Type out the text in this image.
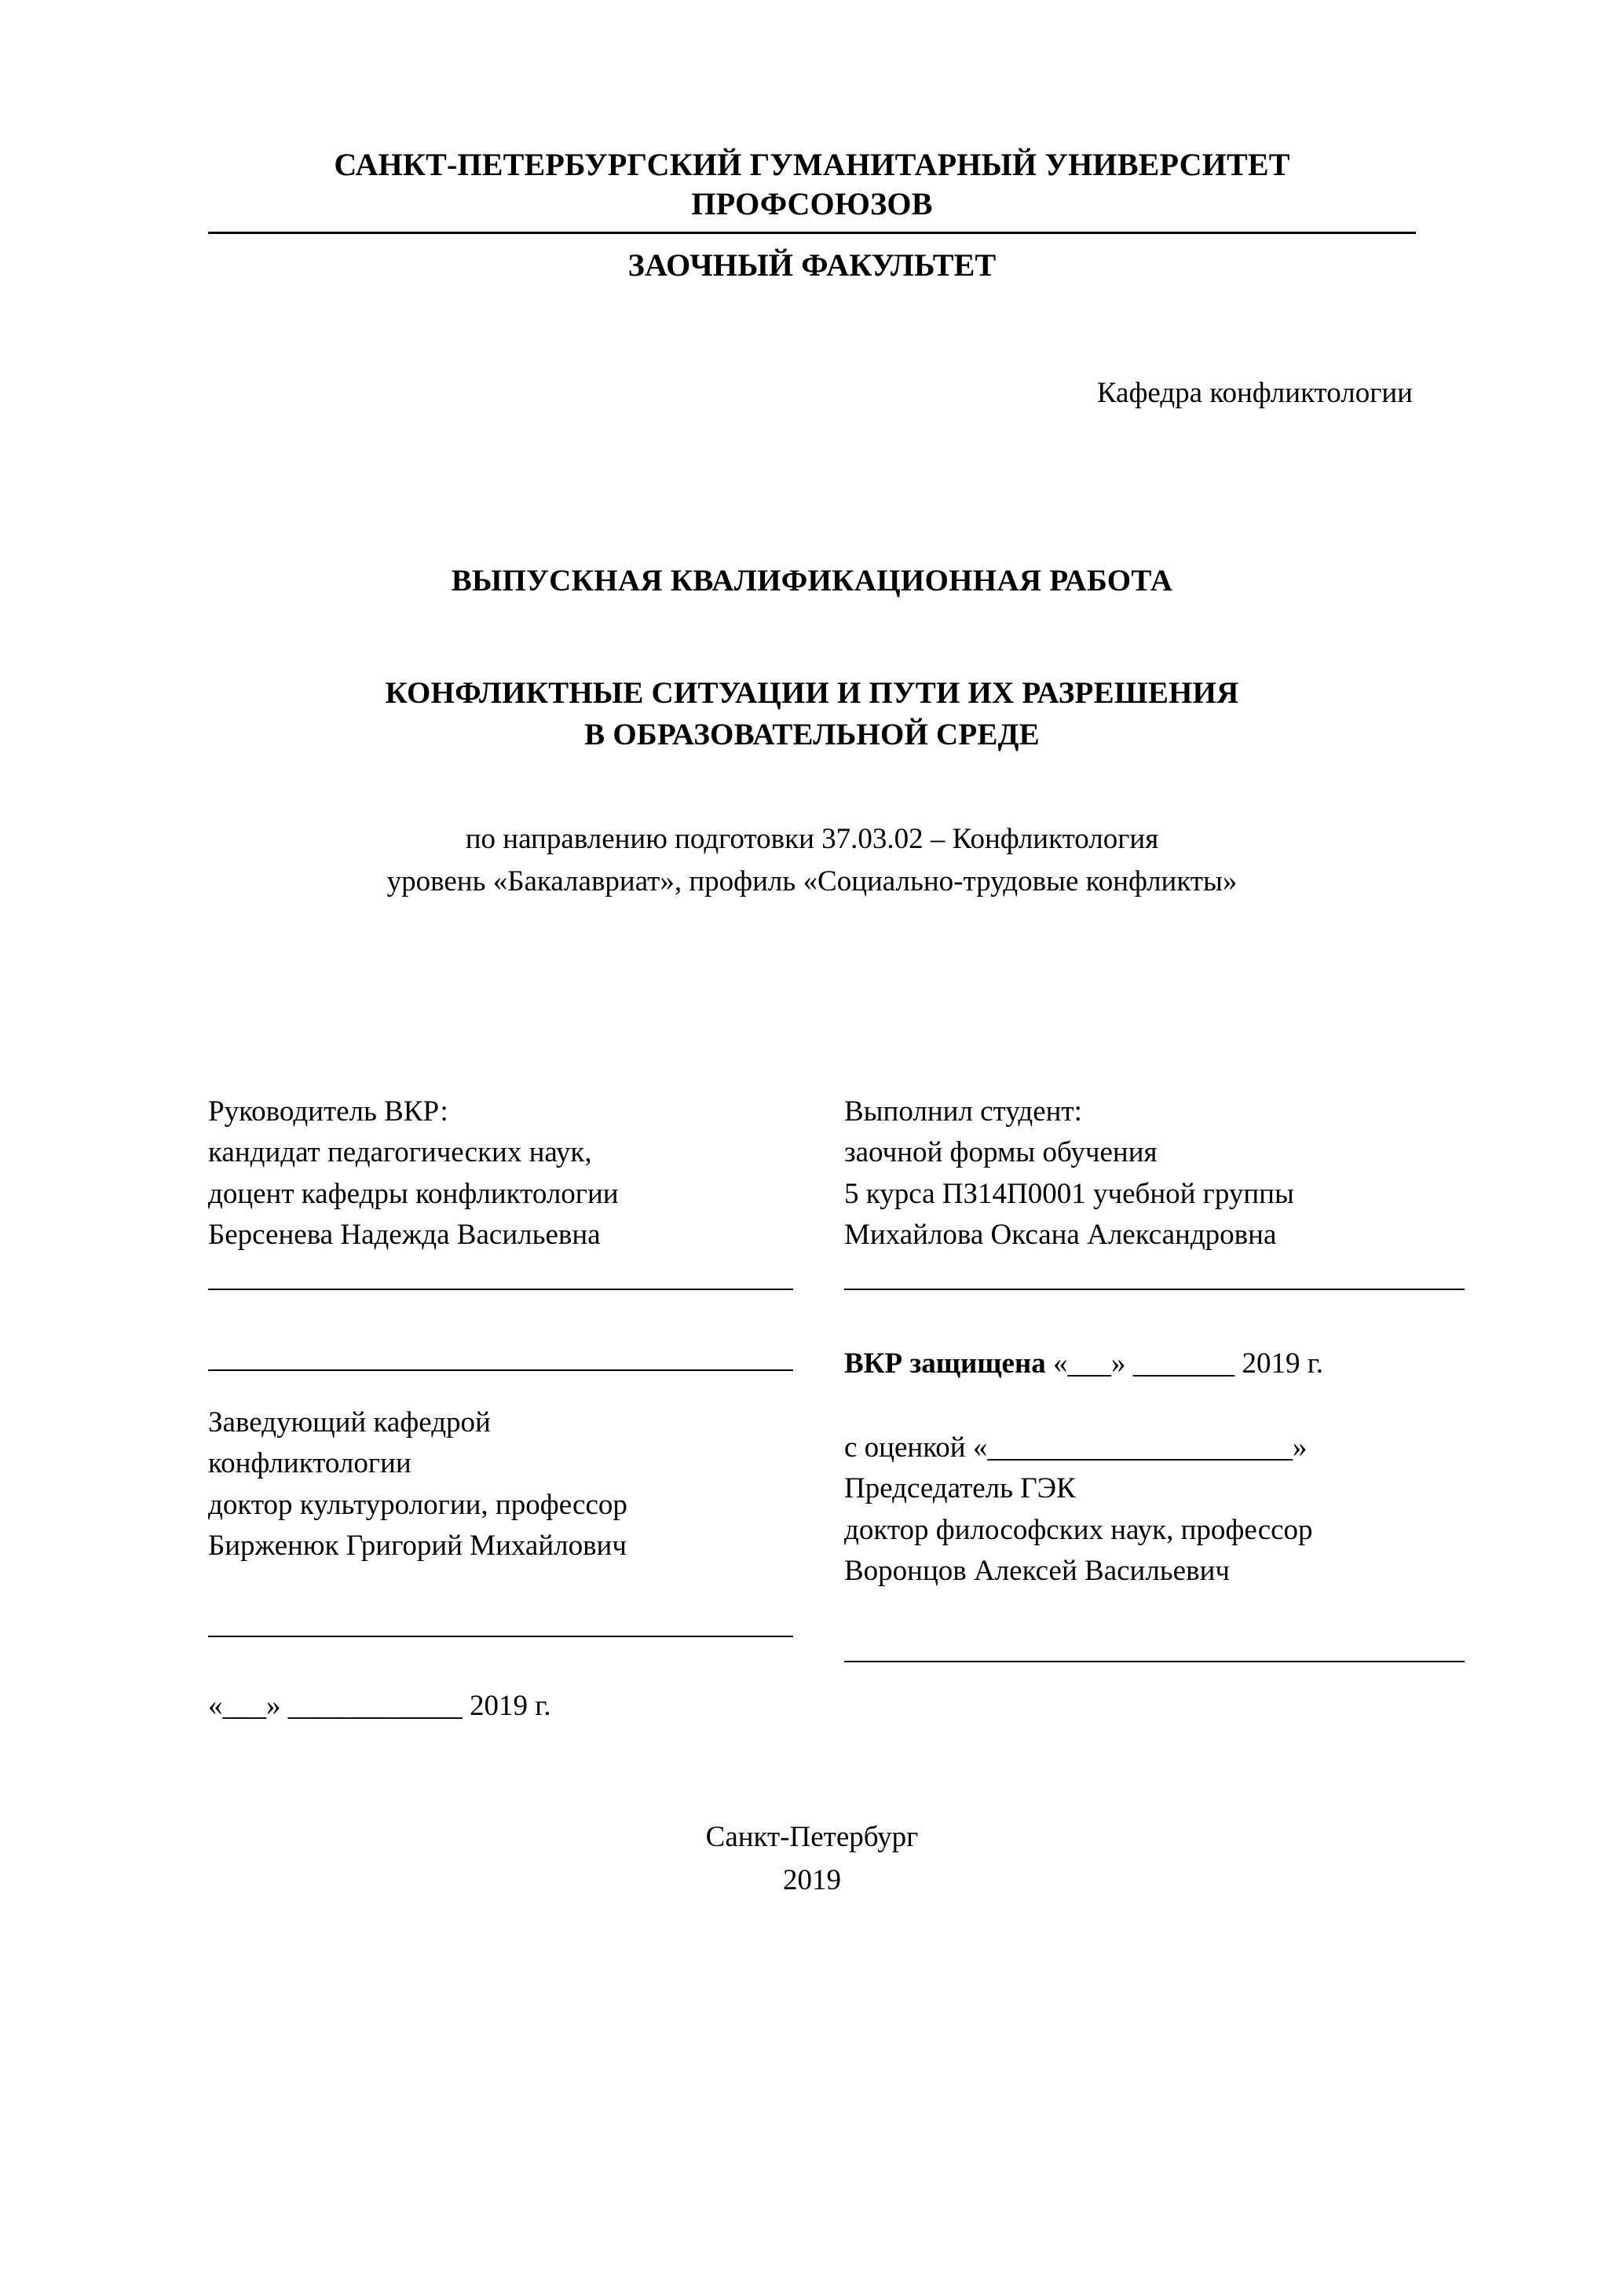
САНКТ-ПЕТЕРБУРГСКИЙ ГУМАНИТАРНЫЙ УНИВЕРСИТЕТ
ПРОФСОЮЗОВ
ЗАОЧНЫЙ ФАКУЛЬТЕТ
Кафедра конфликтологии
ВЫПУСКНАЯ КВАЛИФИКАЦИОННАЯ РАБОТА
КОНФЛИКТНЫЕ СИТУАЦИИ И ПУТИ ИХ РАЗРЕШЕНИЯ
В ОБРАЗОВАТЕЛЬНОЙ СРЕДЕ
по направлению подготовки 37.03.02 – Конфликтология
уровень «Бакалавриат», профиль «Социально-трудовые конфликты»
Руководитель ВКР:
кандидат педагогических наук,
доцент кафедры конфликтологии
Берсенева Надежда Васильевна
Заведующий кафедрой
конфликтологии
доктор культурологии, профессор
Бирженюк Григорий Михайлович
«___» ____________ 2019 г.
Выполнил студент:
заочной формы обучения
5 курса ПЗ14П0001 учебной группы
Михайлова Оксана Александровна
ВКР защищена «___» _______ 2019 г.
с оценкой «_____________________»
Председатель ГЭК
доктор философских наук, профессор
Воронцов Алексей Васильевич
Санкт-Петербург
2019
